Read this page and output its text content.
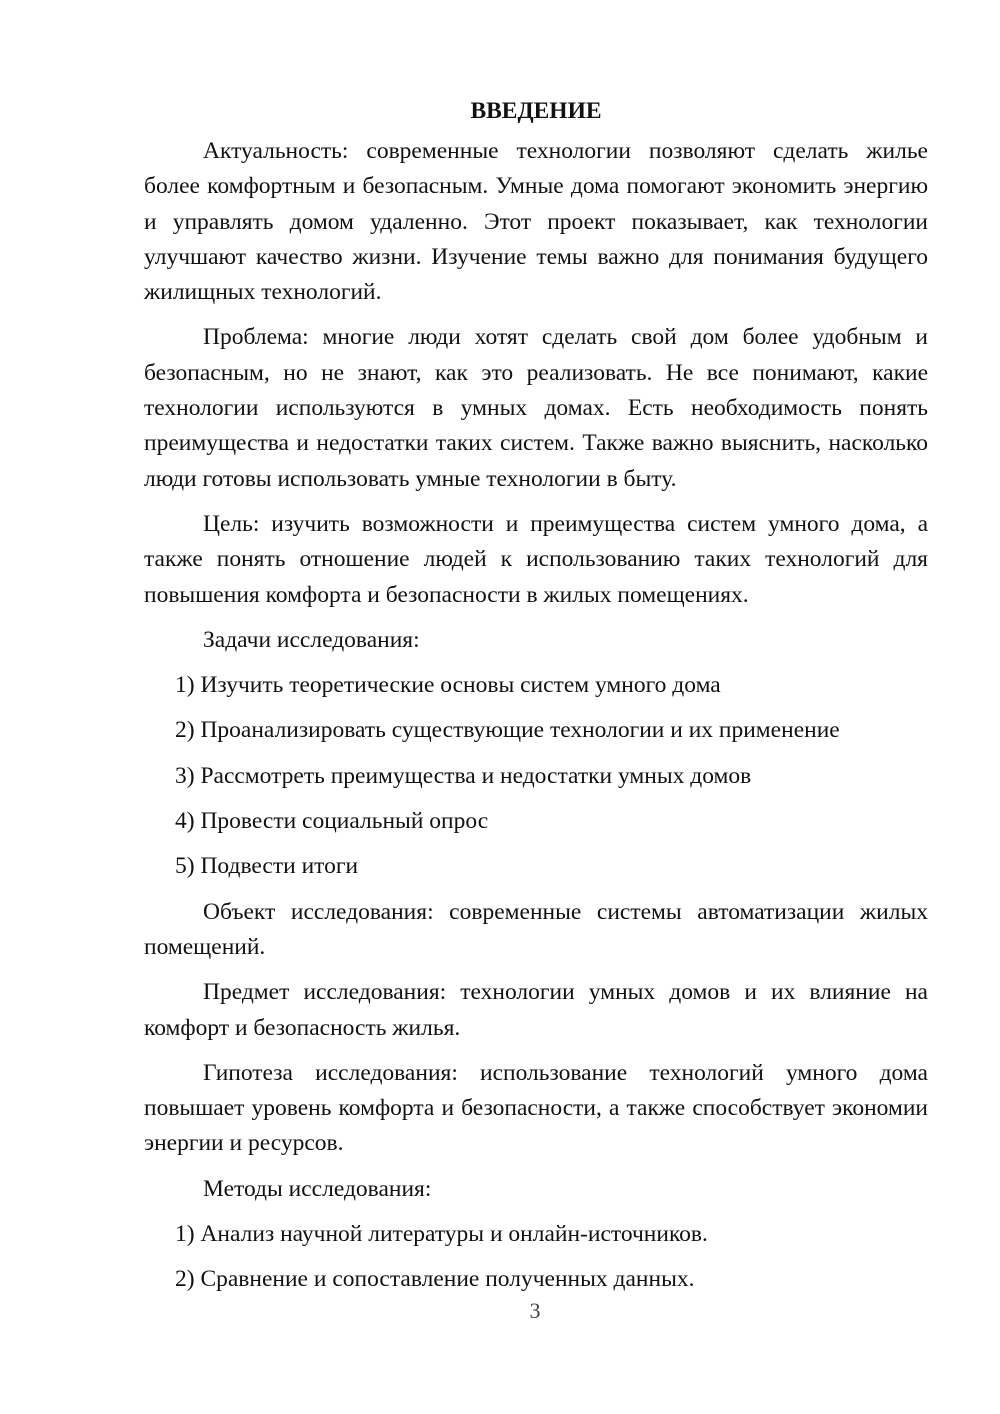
ВВЕДЕНИЕ

Актуальность: современные технологии позволяют сделать жилье более комфортным и безопасным. Умные дома помогают экономить энергию и управлять домом удаленно. Этот проект показывает, как технологии улучшают качество жизни. Изучение темы важно для понимания будущего жилищных технологий.

Проблема: многие люди хотят сделать свой дом более удобным и безопасным, но не знают, как это реализовать. Не все понимают, какие технологии используются в умных домах. Есть необходимость понять преимущества и недостатки таких систем. Также важно выяснить, насколько люди готовы использовать умные технологии в быту.

Цель: изучить возможности и преимущества систем умного дома, а также понять отношение людей к использованию таких технологий для повышения комфорта и безопасности в жилых помещениях.

Задачи исследования:

1) Изучить теоретические основы систем умного дома
2) Проанализировать существующие технологии и их применение
3) Рассмотреть преимущества и недостатки умных домов
4) Провести социальный опрос
5) Подвести итоги

Объект исследования: современные системы автоматизации жилых помещений.

Предмет исследования: технологии умных домов и их влияние на комфорт и безопасность жилья.

Гипотеза исследования: использование технологий умного дома повышает уровень комфорта и безопасности, а также способствует экономии энергии и ресурсов.

Методы исследования:

1) Анализ научной литературы и онлайн-источников.
2) Сравнение и сопоставление полученных данных.
3
